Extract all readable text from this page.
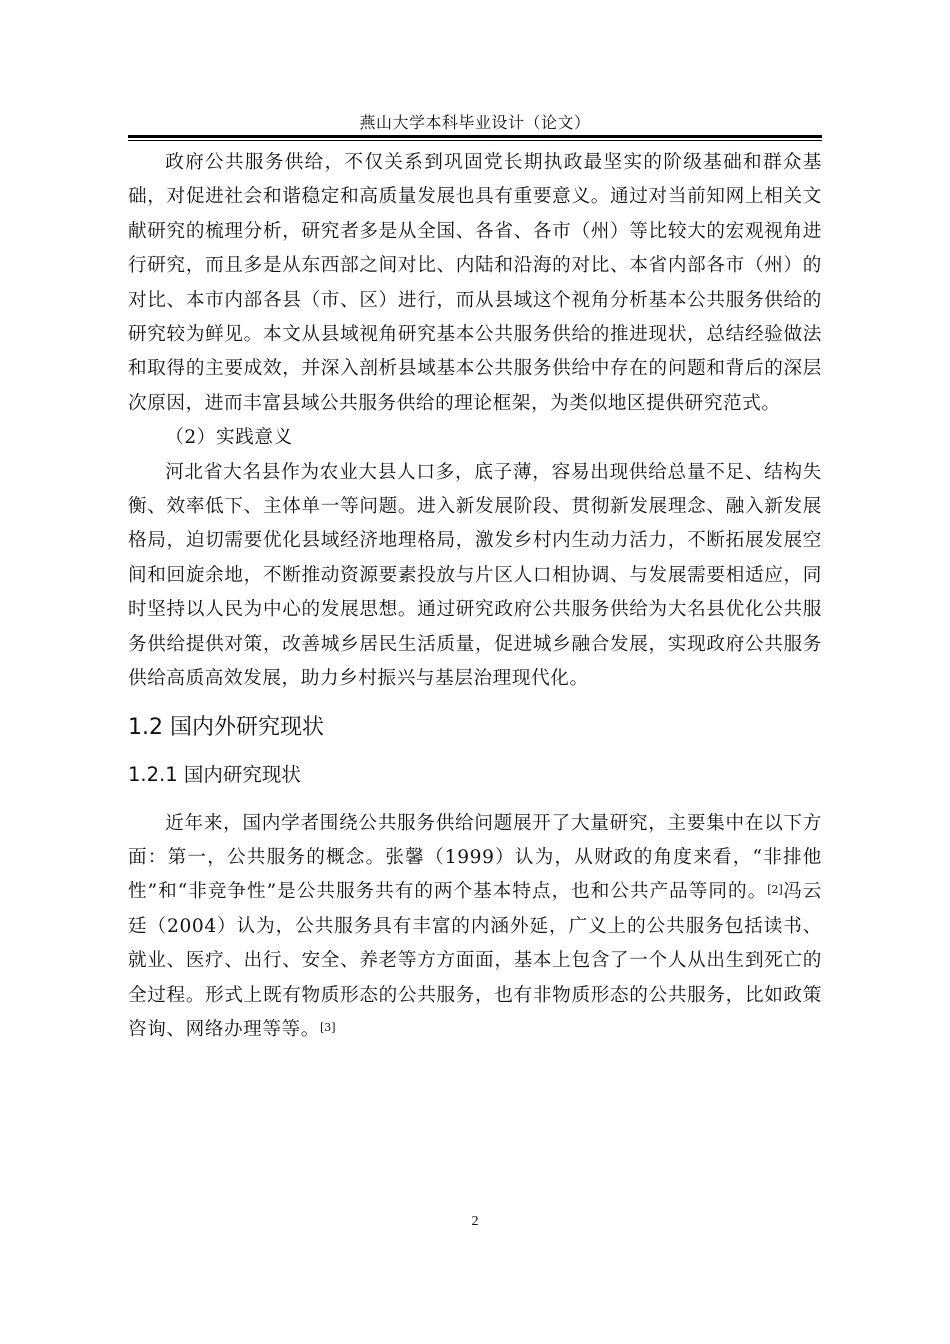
燕山大学本科毕业设计（论文）

政府公共服务供给，不仅关系到巩固党长期执政最坚实的阶级基础和群众基础，对促进社会和谐稳定和高质量发展也具有重要意义。通过对当前知网上相关文献研究的梳理分析，研究者多是从全国、各省、各市（州）等比较大的宏观视角进行研究，而且多是从东西部之间对比、内陆和沿海的对比、本省内部各市（州）的对比、本市内部各县（市、区）进行，而从县域这个视角分析基本公共服务供给的研究较为鲜见。本文从县域视角研究基本公共服务供给的推进现状，总结经验做法和取得的主要成效，并深入剖析县域基本公共服务供给中存在的问题和背后的深层次原因，进而丰富县域公共服务供给的理论框架，为类似地区提供研究范式。

（2）实践意义

河北省大名县作为农业大县人口多，底子薄，容易出现供给总量不足、结构失衡、效率低下、主体单一等问题。进入新发展阶段、贯彻新发展理念、融入新发展格局，迫切需要优化县域经济地理格局，激发乡村内生动力活力，不断拓展发展空间和回旋余地，不断推动资源要素投放与片区人口相协调、与发展需要相适应，同时坚持以人民为中心的发展思想。通过研究政府公共服务供给为大名县优化公共服务供给提供对策，改善城乡居民生活质量，促进城乡融合发展，实现政府公共服务供给高质高效发展，助力乡村振兴与基层治理现代化。

1.2 国内外研究现状
1.2.1 国内研究现状

近年来，国内学者围绕公共服务供给问题展开了大量研究，主要集中在以下方面：第一，公共服务的概念。张馨（1999）认为，从财政的角度来看，“非排他性”和“非竞争性”是公共服务共有的两个基本特点，也和公共产品等同的。[2]冯云廷（2004）认为，公共服务具有丰富的内涵外延，广义上的公共服务包括读书、就业、医疗、出行、安全、养老等方方面面，基本上包含了一个人从出生到死亡的全过程。形式上既有物质形态的公共服务，也有非物质形态的公共服务，比如政策咨询、网络办理等等。[3]

2
